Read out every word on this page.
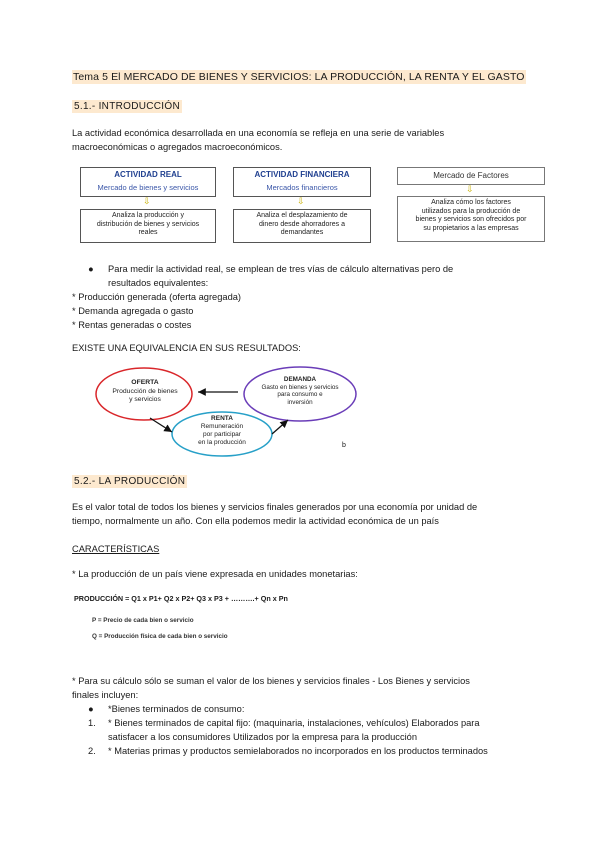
Tema 5 El MERCADO DE BIENES Y SERVICIOS: LA PRODUCCIÓN, LA RENTA Y EL GASTO
5.1.- INTRODUCCIÓN
La actividad económica desarrollada en una economía se refleja en una serie de variables
macroeconómicas o agregados macroeconómicos.
ACTIVIDAD REAL
Mercado de bienes y servicios
⇩
Analiza la producción y
distribución de bienes y servicios
reales
ACTIVIDAD FINANCIERA
Mercados financieros
⇩
Analiza el desplazamiento de
dinero desde ahorradores a
demandantes
Mercado de Factores
⇩
Analiza cómo los factores
utilizados para la producción de
bienes y servicios son ofrecidos por
su propietarios a las empresas
● Para medir la actividad real, se emplean de tres vías de cálculo alternativas pero de
resultados equivalentes:
* Producción generada (oferta agregada)
* Demanda agregada o gasto
* Rentas generadas o costes
EXISTE UNA EQUIVALENCIA EN SUS RESULTADOS:
OFERTA
Producción de bienes
y servicios
DEMANDA
Gasto en bienes y servicios
para consumo e
inversión
RENTA
Remuneración
por participar
en la producción	b
5.2.- LA PRODUCCIÓN
Es el valor total de todos los bienes y servicios finales generados por una economía por unidad de
tiempo, normalmente un año. Con ella podemos medir la actividad económica de un país
CARACTERÍSTICAS
* La producción de un país viene expresada en unidades monetarias:
PRODUCCIÓN = Q1 x P1+ Q2 x P2+ Q3 x P3 + ……….+ Qn x Pn
P = Precio de cada bien o servicio
Q = Producción física de cada bien o servicio
* Para su cálculo sólo se suman el valor de los bienes y servicios finales - Los Bienes y servicios
finales incluyen:
● *Bienes terminados de consumo:
1. * Bienes terminados de capital fijo: (maquinaria, instalaciones, vehículos) Elaborados para
satisfacer a los consumidores Utilizados por la empresa para la producción
2. * Materias primas y productos semielaborados no incorporados en los productos terminados
